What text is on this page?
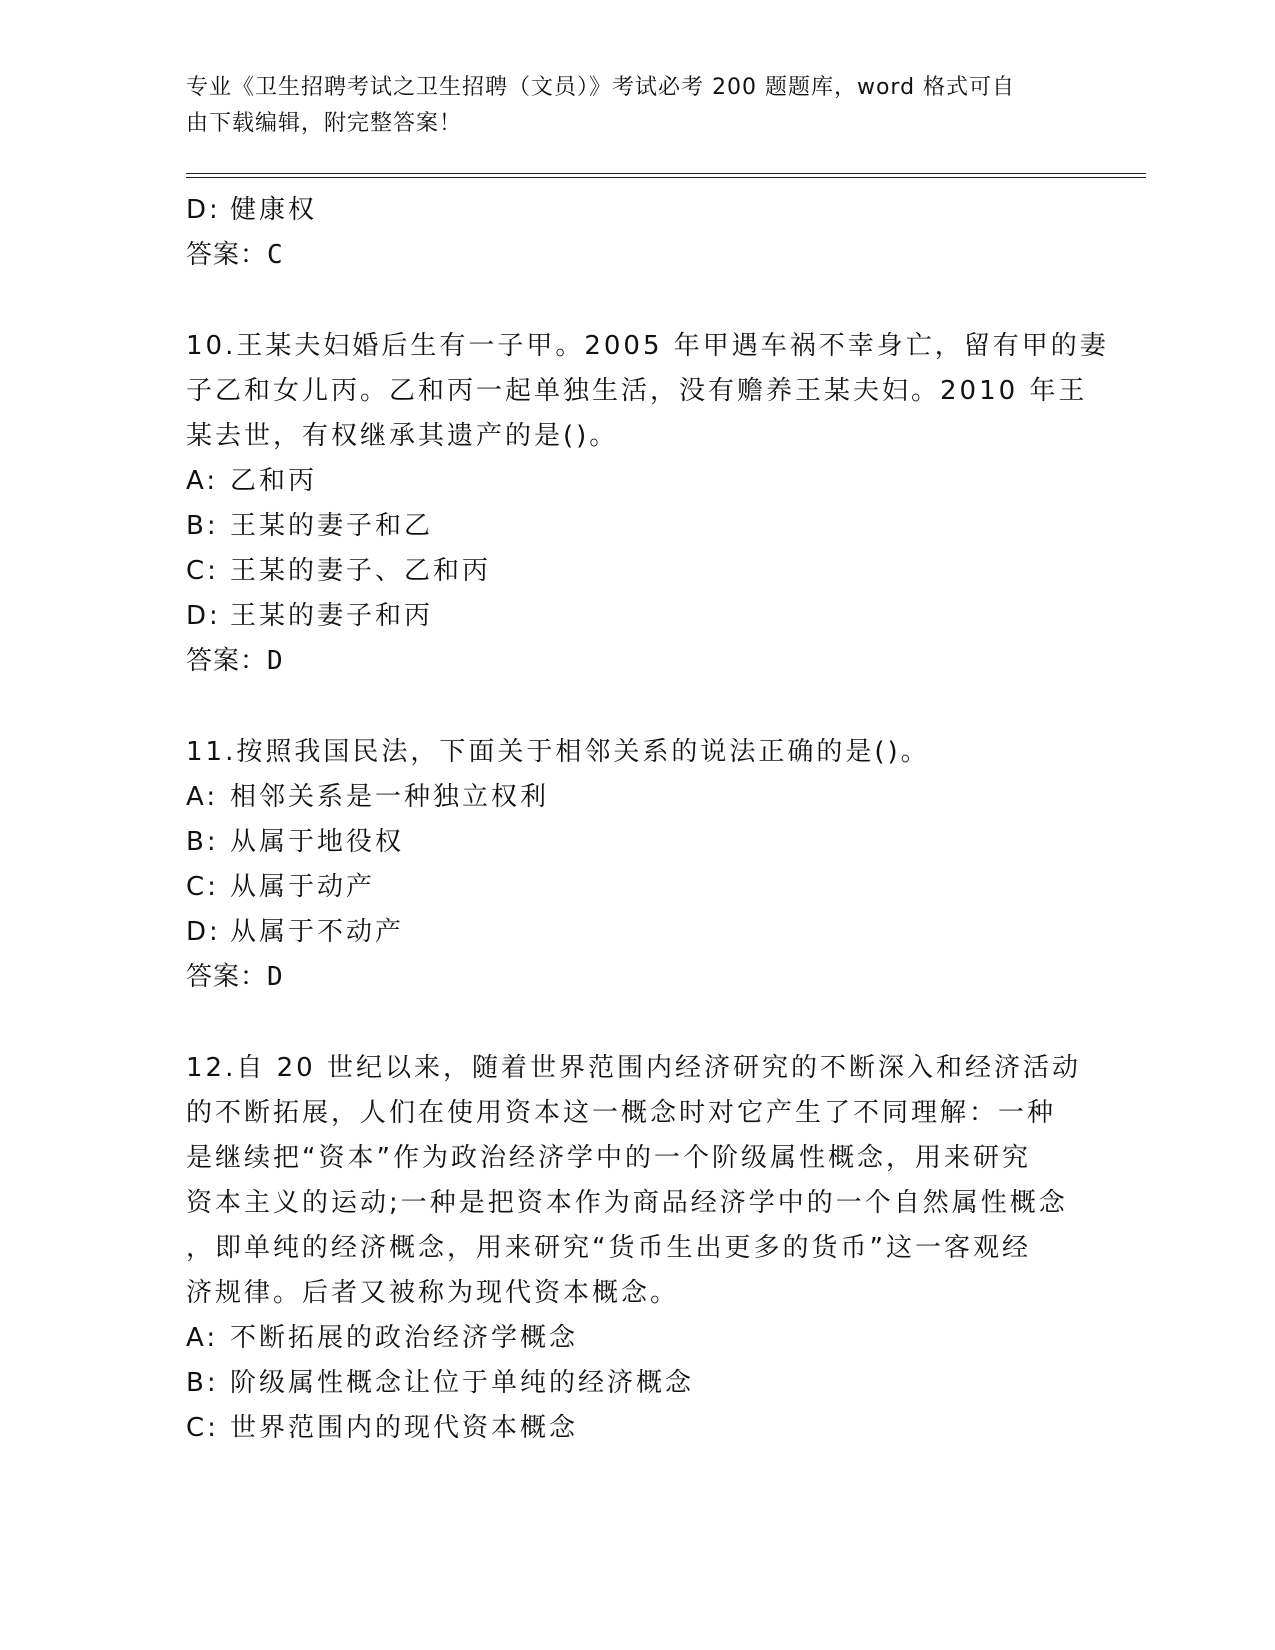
专业《卫生招聘考试之卫生招聘（文员）》考试必考 200 题题库，word 格式可自
由下载编辑，附完整答案！
D: 健康权
答案：C
10.王某夫妇婚后生有一子甲。2005 年甲遇车祸不幸身亡，留有甲的妻
子乙和女儿丙。乙和丙一起单独生活，没有赡养王某夫妇。2010 年王
某去世，有权继承其遗产的是()。
A: 乙和丙
B: 王某的妻子和乙
C: 王某的妻子、乙和丙
D: 王某的妻子和丙
答案：D
11.按照我国民法，下面关于相邻关系的说法正确的是()。
A: 相邻关系是一种独立权利
B: 从属于地役权
C: 从属于动产
D: 从属于不动产
答案：D
12.自 20 世纪以来，随着世界范围内经济研究的不断深入和经济活动
的不断拓展，人们在使用资本这一概念时对它产生了不同理解：一种
是继续把“资本”作为政治经济学中的一个阶级属性概念，用来研究
资本主义的运动;一种是把资本作为商品经济学中的一个自然属性概念
，即单纯的经济概念，用来研究“货币生出更多的货币”这一客观经
济规律。后者又被称为现代资本概念。
A: 不断拓展的政治经济学概念
B: 阶级属性概念让位于单纯的经济概念
C: 世界范围内的现代资本概念
